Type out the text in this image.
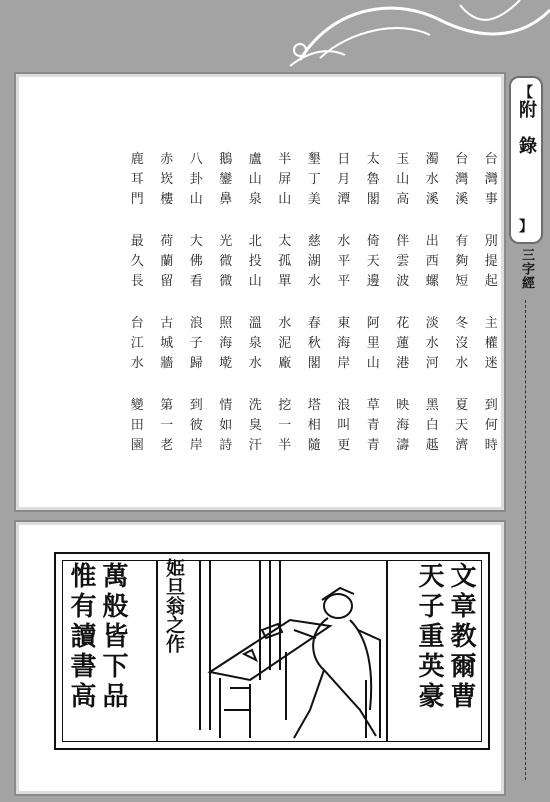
【
附錄
】
三字經
台
灣
事
別
提
起
主
權
迷
到
何
時
台
灣
溪
有
夠
短
冬
沒
水
夏
天
濟
濁
水
溪
出
西
螺
淡
水
河
黑
白
趆
玉
山
高
伴
雲
波
花
蓮
港
映
海
濤
太
魯
閣
倚
天
邊
阿
里
山
草
青
青
日
月
潭
水
平
平
東
海
岸
浪
叫
更
墾
丁
美
慈
湖
水
春
秋
閣
塔
相
隨
半
屏
山
太
孤
單
水
泥
廠
挖
一
半
盧
山
泉
北
投
山
溫
泉
水
洗
臭
汗
鵝
鑾
鼻
光
微
微
照
海
墘
情
如
詩
八
卦
山
大
佛
看
浪
子
歸
到
彼
岸
赤
崁
樓
荷
蘭
留
古
城
牆
第
一
老
鹿
耳
門
最
久
長
台
江
水
變
田
園
天子重英豪 文章教爾曹
惟有讀書高 萬般皆下品 姫旦翁之作
